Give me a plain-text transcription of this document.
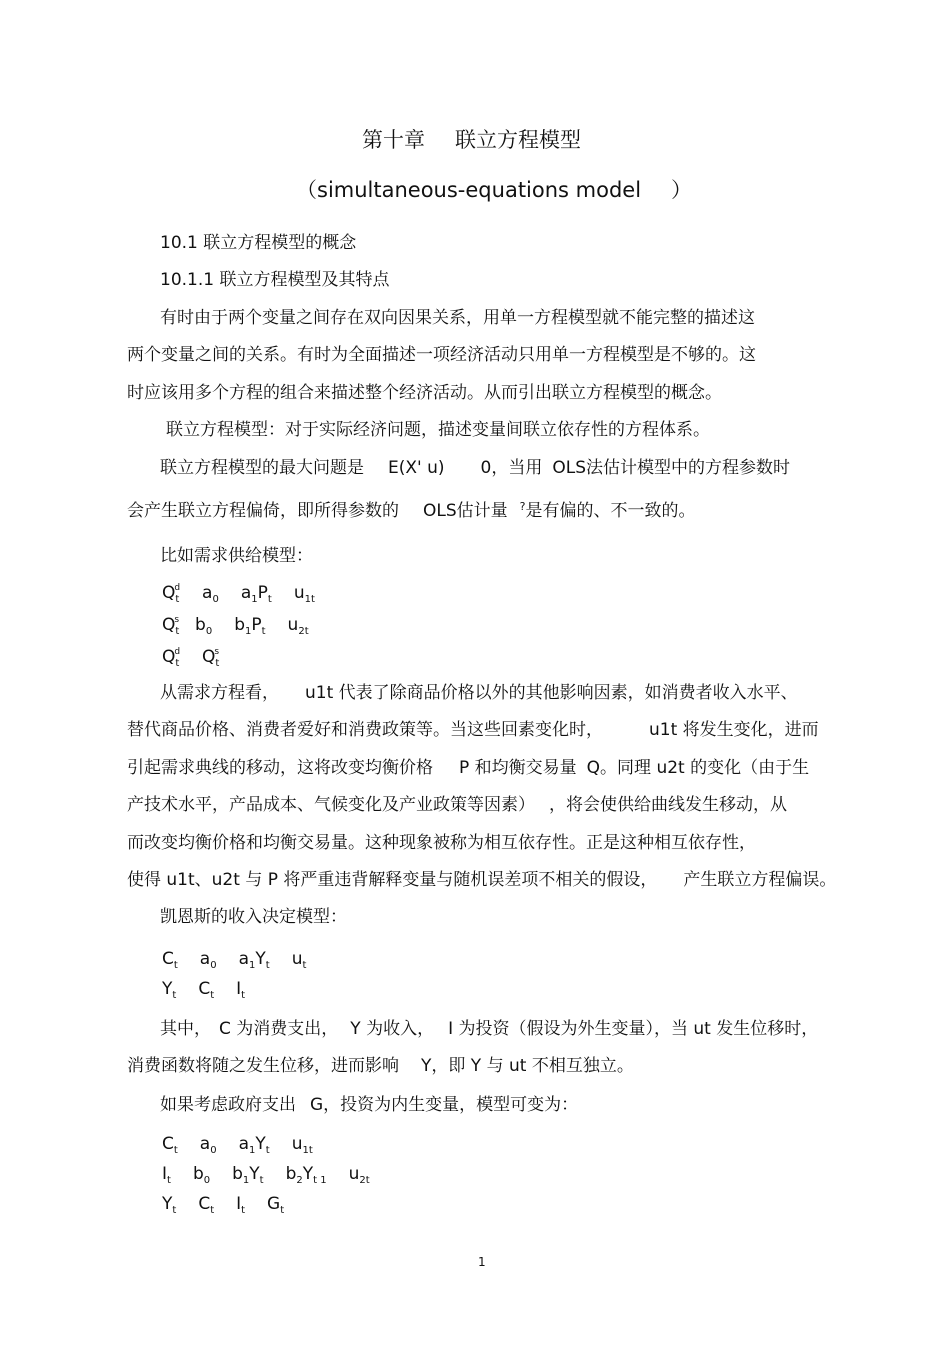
第十章 联立方程模型
（simultaneous-equations model ）
10.1 联立方程模型的概念
10.1.1 联立方程模型及其特点
有时由于两个变量之间存在双向因果关系，用单一方程模型就不能完整的描述这
两个变量之间的关系。有时为全面描述一项经济活动只用单一方程模型是不够的。这
时应该用多个方程的组合来描述整个经济活动。从而引出联立方程模型的概念。
联立方程模型：对于实际经济问题，描述变量间联立依存性的方程体系。
联立方程模型的最大问题是 E(X' u) 0，当用 OLS法估计模型中的方程参数时
会产生联立方程偏倚，即所得参数的 OLS估计量 ?是有偏的、不一致的。
比如需求供给模型：
Q t
d a 0 a 1 P t u 1t
Q t
s b 0 b 1 P t u 2t
Q t
d Q t
s
从需求方程看， u1t 代表了除商品价格以外的其他影响因素，如消费者收入水平、
替代商品价格、消费者爱好和消费政策等。当这些回素变化时，	u1t 将发生变化，进而
引起需求典线的移动，这将改变均衡价格 P 和均衡交易量 Q。同理 u2t 的变化（由于生
产技术水平，产品成本、气候变化及产业政策等因素） ，将会使供给曲线发生移动，从
而改变均衡价格和均衡交易量。这种现象被称为相互依存性。正是这种相互依存性，
使得 u1t、u2t 与 P 将严重违背解释变量与随机误差项不相关的假设， 产生联立方程偏误。
凯恩斯的收入决定模型：
C t a 0 a 1 Y t u t
Y t C t I t
其中， C 为消费支出， Y 为收入， I 为投资（假设为外生变量），当 ut 发生位移时，
消费函数将随之发生位移，进而影响 Y，即 Y 与 ut 不相互独立。
如果考虑政府支出 G，投资为内生变量，模型可变为：
C t a 0 a 1 Y t u 1t
I t b 0 b 1 Y t b 2 Y t 1 u 2t
Y t C t I t G t
1
